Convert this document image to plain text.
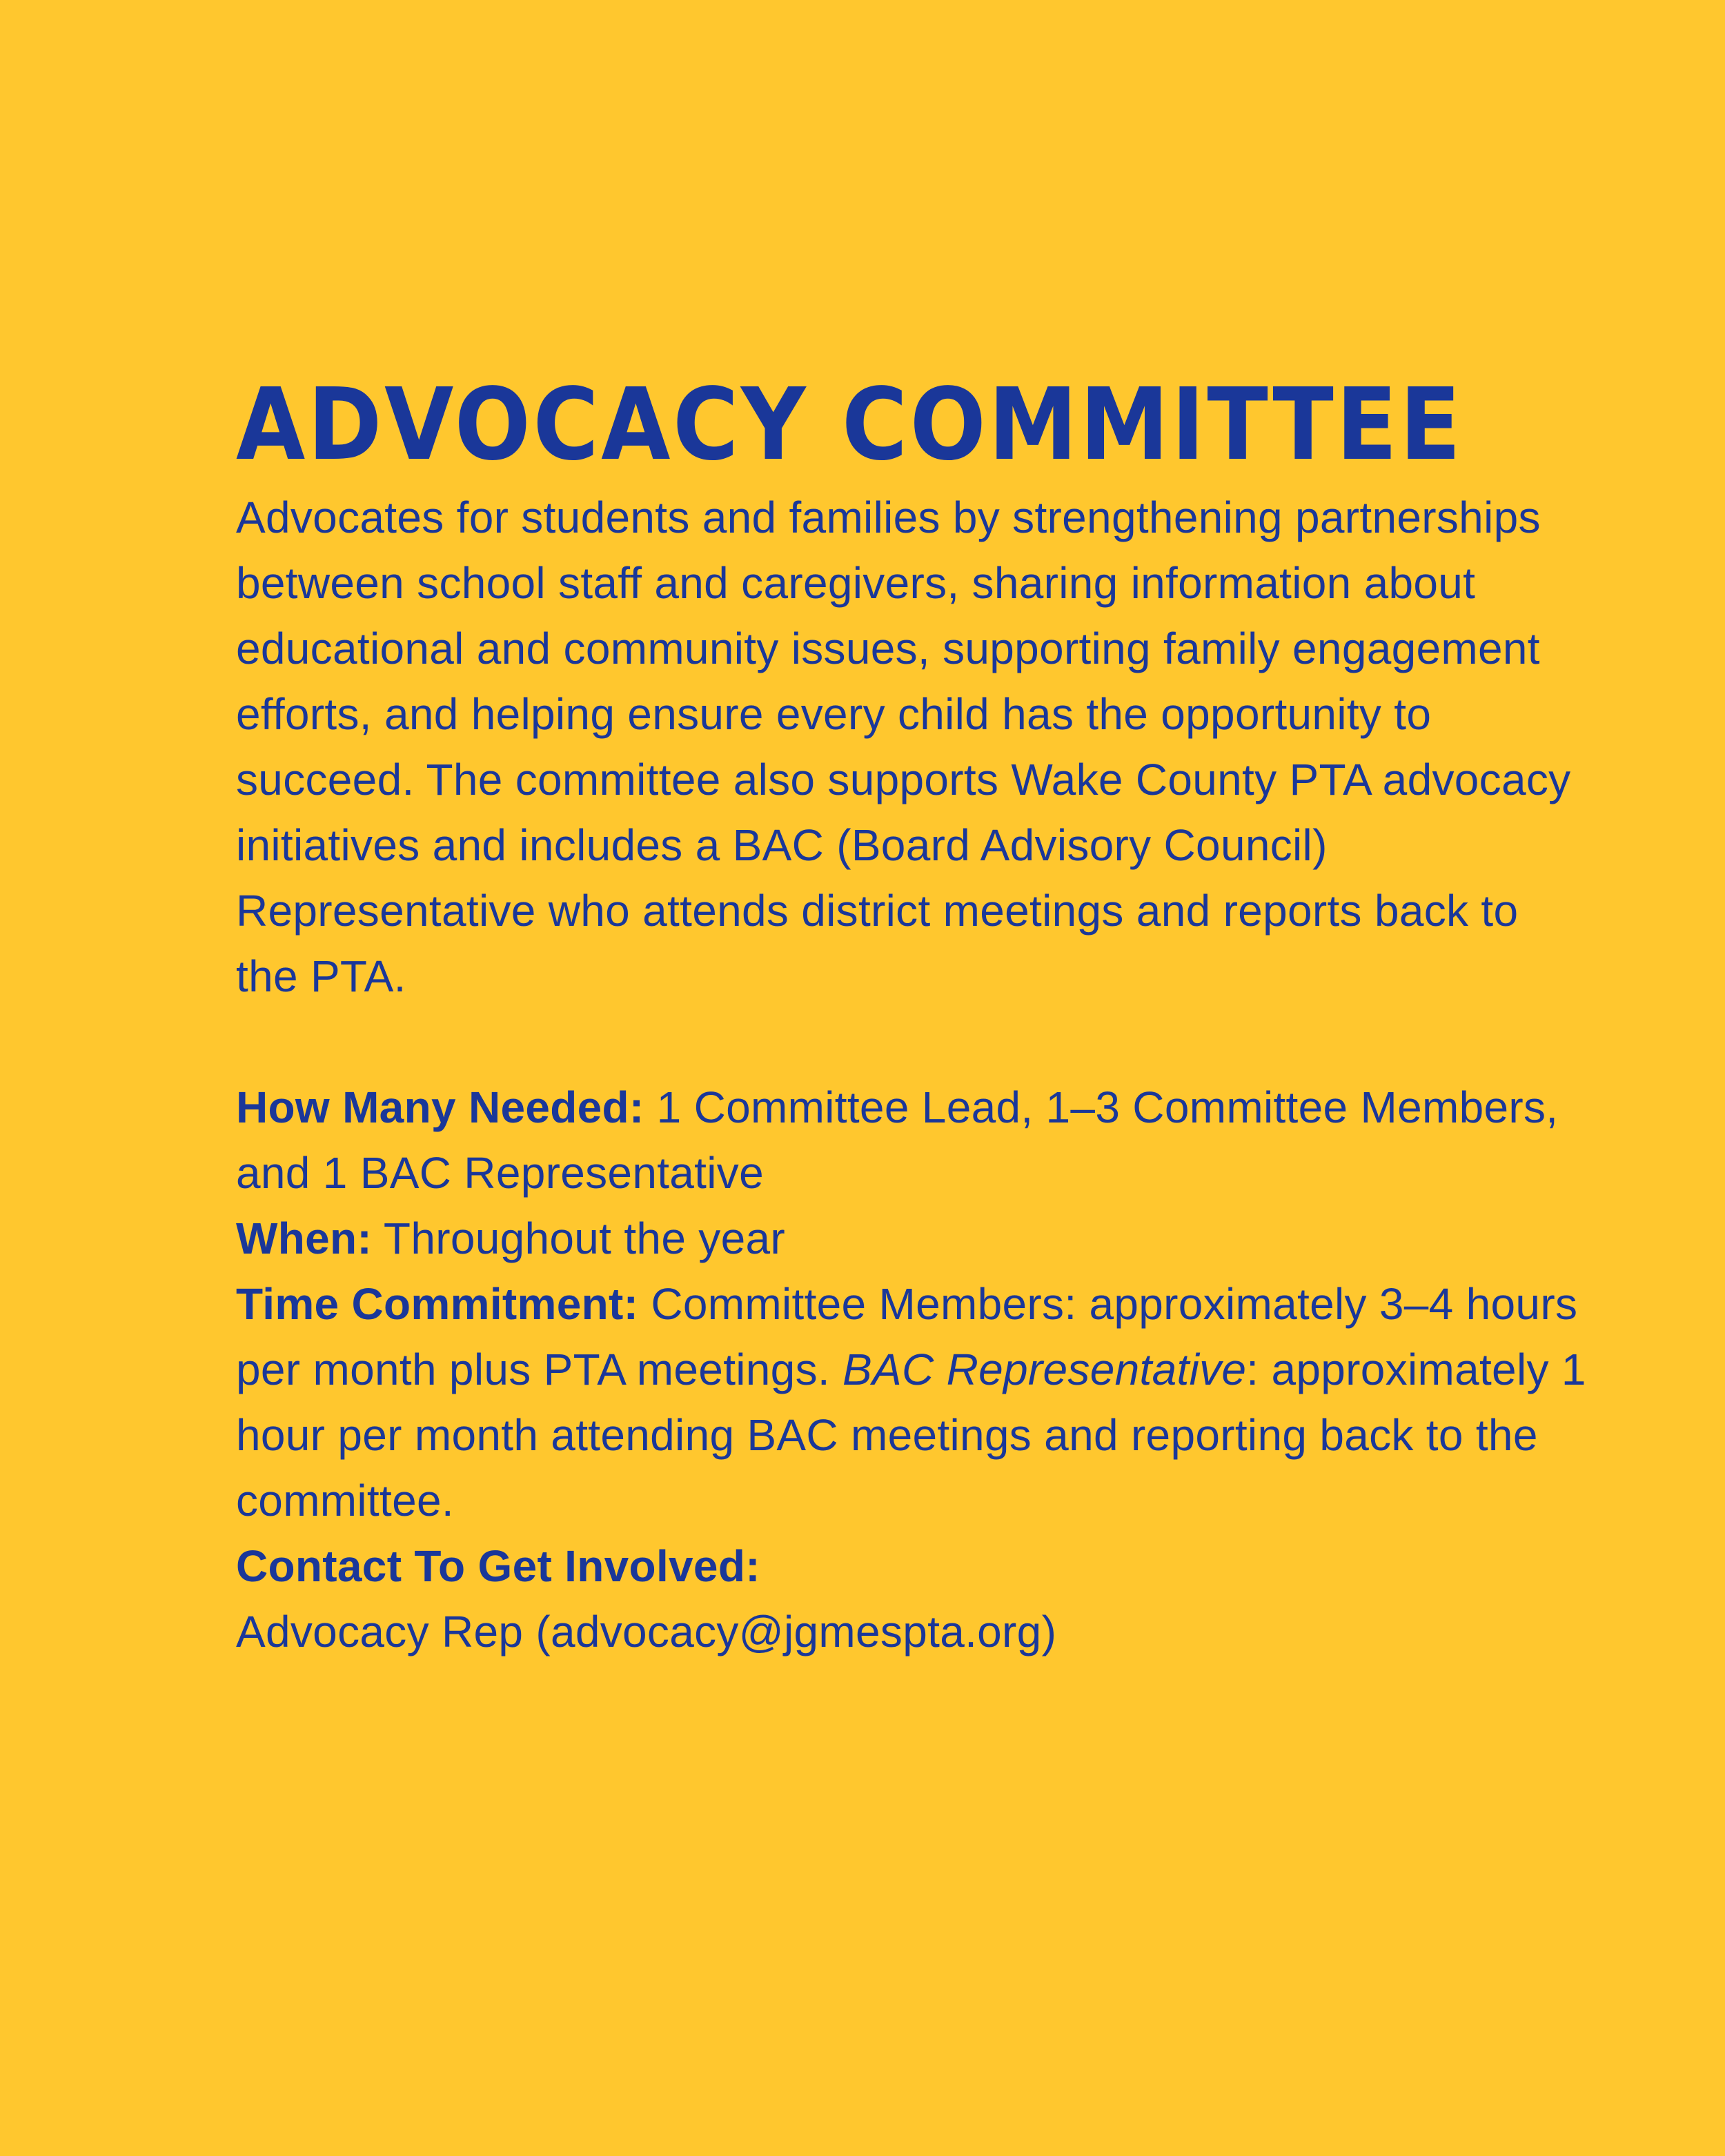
ADVOCACY COMMITTEE

Advocates for students and families by strengthening partnerships between school staff and caregivers, sharing information about educational and community issues, supporting family engagement efforts, and helping ensure every child has the opportunity to succeed. The committee also supports Wake County PTA advocacy initiatives and includes a BAC (Board Advisory Council) Representative who attends district meetings and reports back to the PTA.

How Many Needed: 1 Committee Lead, 1–3 Committee Members, and 1 BAC Representative

When: Throughout the year

Time Commitment: Committee Members: approximately 3–4 hours per month plus PTA meetings. BAC Representative: approximately 1 hour per month attending BAC meetings and reporting back to the committee.

Contact To Get Involved:

Advocacy Rep (advocacy@jgmespta.org)
